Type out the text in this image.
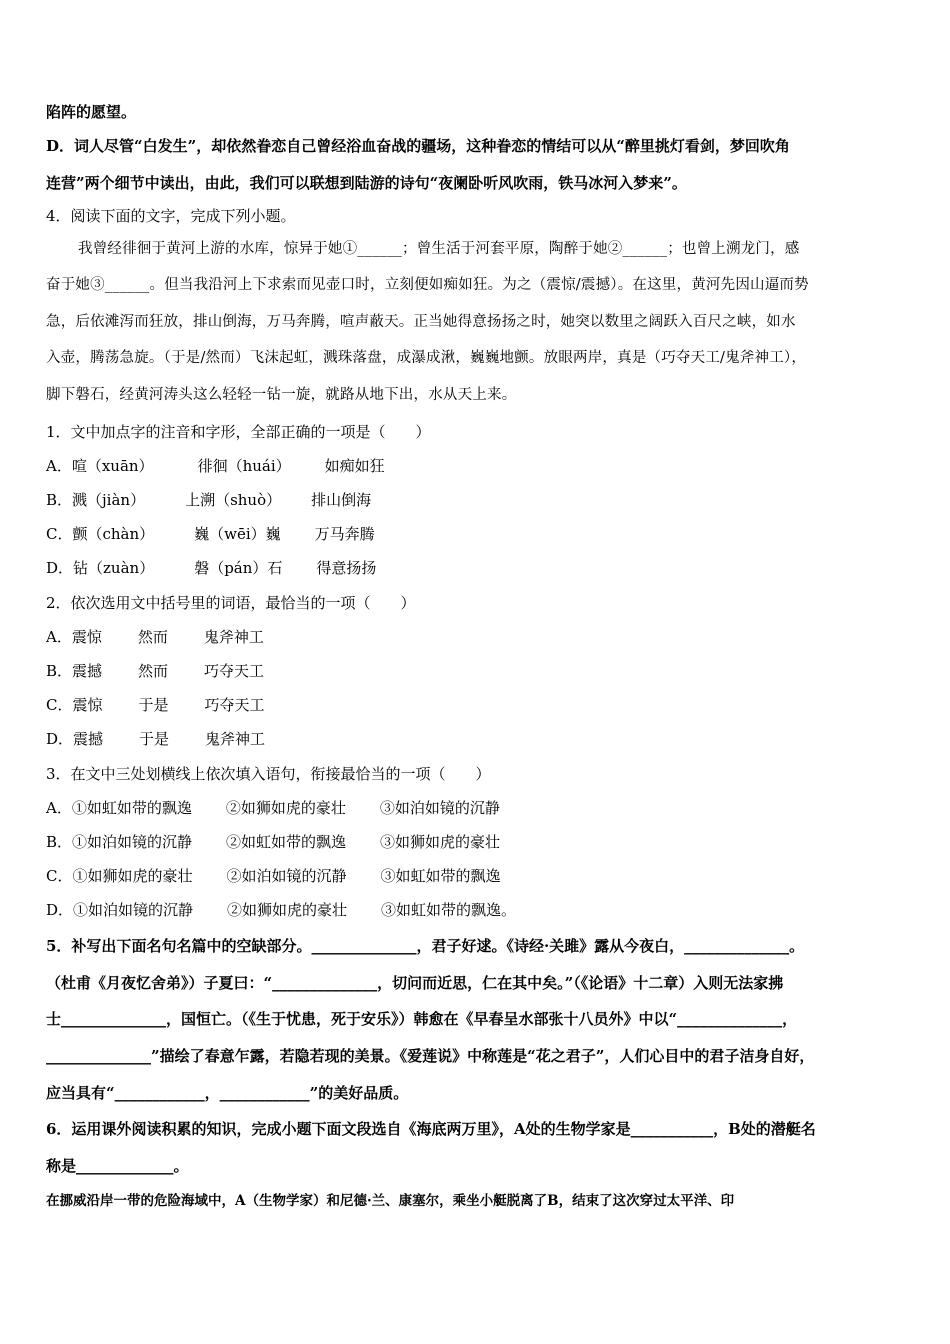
陷阵的愿望。
D．词人尽管“白发生”，却依然眷恋自己曾经浴血奋战的疆场，这种眷恋的情结可以从“醉里挑灯看剑，梦回吹角
连营”两个细节中读出，由此，我们可以联想到陆游的诗句“夜阑卧听风吹雨，铁马冰河入梦来”。
4．阅读下面的文字，完成下列小题。
我曾经徘徊于黄河上游的水库，惊异于她①______；曾生活于河套平原，陶醉于她②______；也曾上溯龙门，感
奋于她③______。但当我沿河上下求索而见壶口时，立刻便如痴如狂。为之（震惊/震撼）。在这里，黄河先因山逼而势
急，后依滩泻而狂放，排山倒海，万马奔腾，喧声蔽天。正当她得意扬扬之时，她突以数里之阔跃入百尺之峡，如水
入壶，腾荡急旋。（于是/然而）飞沫起虹，溅珠落盘，成瀑成湫，巍巍地颤。放眼两岸，真是（巧夺天工/鬼斧神工），
脚下磐石，经黄河涛头这么轻轻一钻一旋，就路从地下出，水从天上来。
1．文中加点字的注音和字形，全部正确的一项是（　　）
A．喧（xuān）	徘徊（huái） 如痴如狂
B．溅（jiàn）	上溯（shuò） 排山倒海
C．颤（chàn）	巍（wēi）巍 万马奔腾
D．钻（zuàn）	磐（pán）石 得意扬扬
2．依次选用文中括号里的词语，最恰当的一项（　　）
A．震惊 然而 鬼斧神工
B．震撼 然而 巧夺天工
C．震惊 于是 巧夺天工
D．震撼 于是 鬼斧神工
3．在文中三处划横线上依次填入语句，衔接最恰当的一项（　　）
A．①如虹如带的飘逸 ②如狮如虎的豪壮 ③如泊如镜的沉静
B．①如泊如镜的沉静 ②如虹如带的飘逸 ③如狮如虎的豪壮
C．①如狮如虎的豪壮 ②如泊如镜的沉静 ③如虹如带的飘逸
D．①如泊如镜的沉静 ②如狮如虎的豪壮 ③如虹如带的飘逸。
5．补写出下面名句名篇中的空缺部分。______________，君子好逑。《诗经·关雎》露从今夜白，______________。
（杜甫《月夜忆舍弟》）子夏曰：“______________，切问而近思，仁在其中矣。”（《论语》十二章）入则无法家拂
士______________，国恒亡。（《生于忧患，死于安乐》）韩愈在《早春呈水部张十八员外》中以“______________，
______________”描绘了春意乍露，若隐若现的美景。《爱莲说》中称莲是“花之君子”，人们心目中的君子洁身自好，
应当具有“____________，____________”的美好品质。
6．运用课外阅读积累的知识，完成小题下面文段选自《海底两万里》，A处的生物学家是___________，B处的潜艇名
称是_____________。
在挪威沿岸一带的危险海域中，A（生物学家）和尼德·兰、康塞尔，乘坐小艇脱离了B，结束了这次穿过太平洋、印
